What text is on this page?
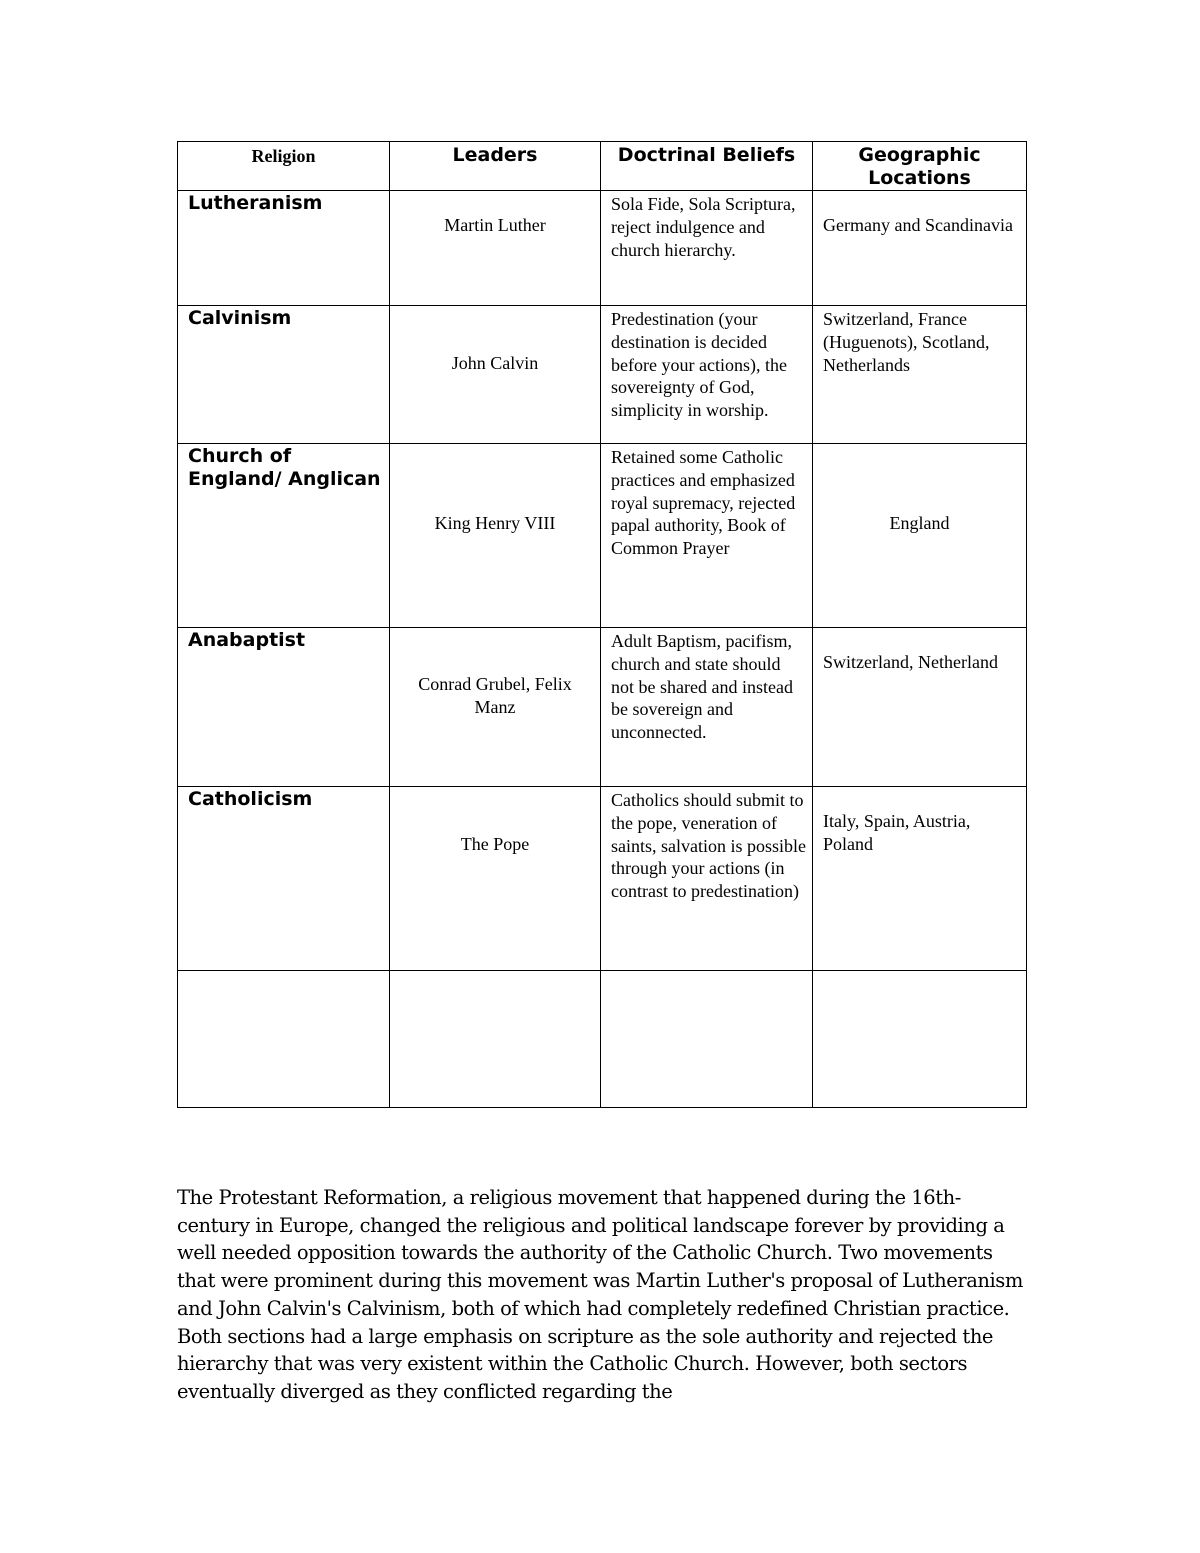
Religion	Leaders	Doctrinal Beliefs	Geographic Locations

Lutheranism	Martin Luther	Sola Fide, Sola Scriptura, reject indulgence and church hierarchy.	Germany and Scandinavia

Calvinism	John Calvin	Predestination (your destination is decided before your actions), the sovereignty of God, simplicity in worship.	Switzerland, France (Huguenots), Scotland, Netherlands

Church of England/ Anglican	King Henry VIII	Retained some Catholic practices and emphasized royal supremacy, rejected papal authority, Book of Common Prayer	England

Anabaptist	Conrad Grubel, Felix Manz	Adult Baptism, pacifism, church and state should not be shared and instead be sovereign and unconnected.	Switzerland, Netherland

Catholicism	The Pope	Catholics should submit to the pope, veneration of saints, salvation is possible through your actions (in contrast to predestination)	Italy, Spain, Austria, Poland

The Protestant Reformation, a religious movement that happened during the 16th-century in Europe, changed the religious and political landscape forever by providing a well needed opposition towards the authority of the Catholic Church. Two movements that were prominent during this movement was Martin Luther's proposal of Lutheranism and John Calvin's Calvinism, both of which had completely redefined Christian practice. Both sections had a large emphasis on scripture as the sole authority and rejected the hierarchy that was very existent within the Catholic Church. However, both sectors eventually diverged as they conflicted regarding the
